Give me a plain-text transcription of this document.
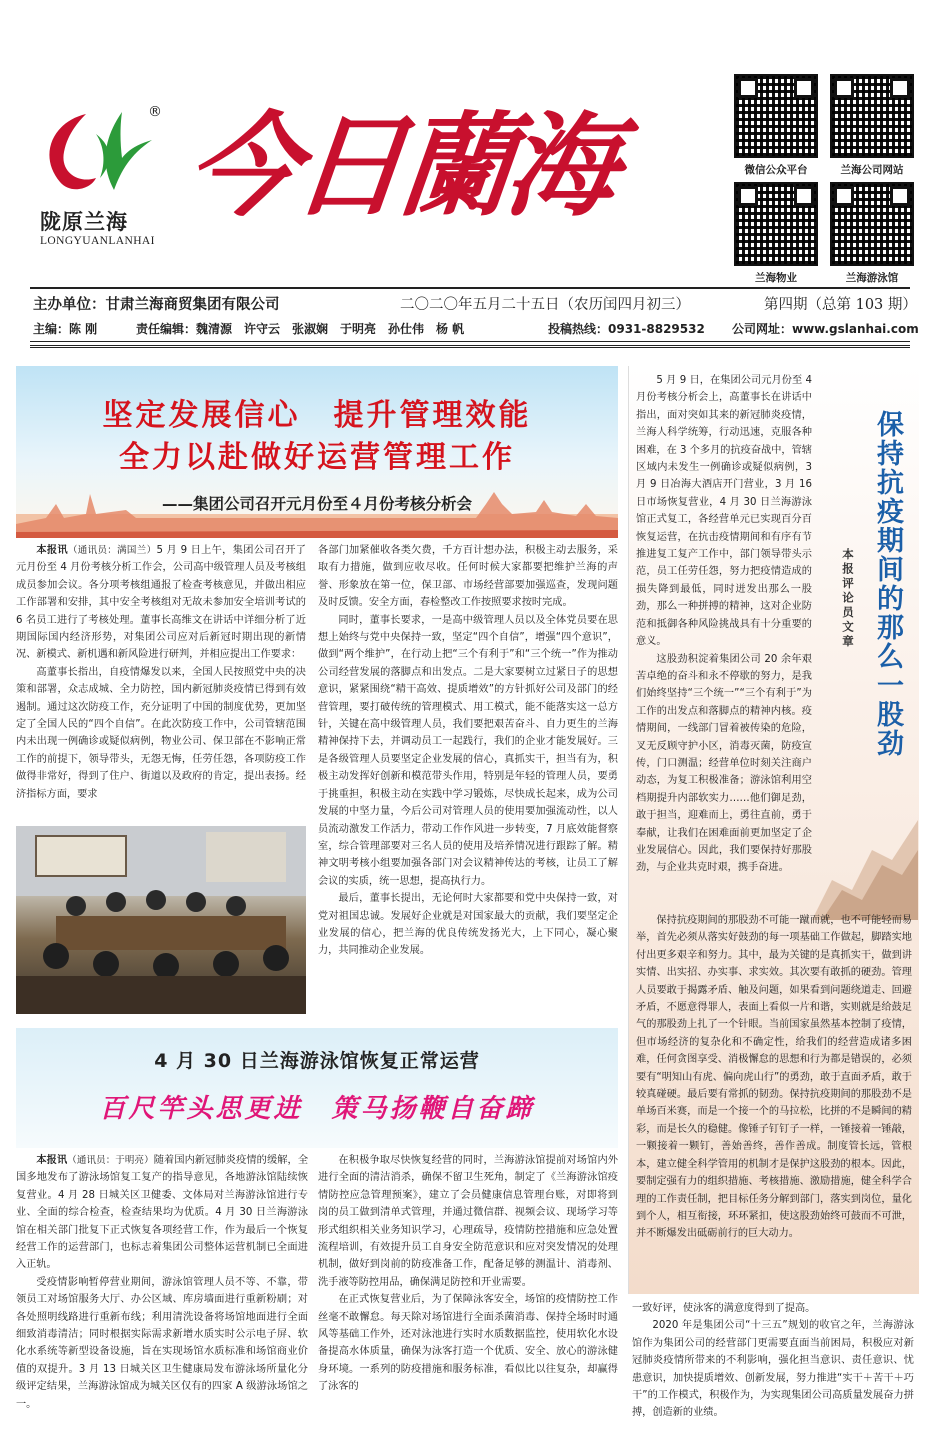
®
陇原兰海
LONGYUANLANHAI
今日蘭海	微信公众平台	兰海公司网站
兰海物业	兰海游泳馆
主办单位：甘肃兰海商贸集团有限公司	二〇二〇年五月二十五日（农历闰四月初三）	第四期（总第 103 期）
主编：陈 刚	责任编辑：魏清源　许守云　张淑娴　于明亮　孙仕伟　杨 帆	投稿热线：0931-8829532 公司网址：www.gslanhai.com
坚定发展信心　提升管理效能
全力以赴做好运营管理工作
——集团公司召开元月份至４月份考核分析会

本报讯（通讯员：满国兰）5 月 9 日上午，集团公司召开了元月份至 4 月份考核分析工作会，公司高中级管理人员及考核组成员参加会议。各分项考核组通报了检查考核意见，并做出相应工作部署和安排，其中安全考核组对无故未参加安全培训考试的 6 名员工进行了考核处理。董事长高维文在讲话中详细分析了近期国际国内经济形势，对集团公司应对后新冠时期出现的新情况、新模式、新机遇和新风险进行研判，并相应提出工作要求：

高董事长指出，自疫情爆发以来，全国人民按照党中央的决策和部署，众志成城、全力防控，国内新冠肺炎疫情已得到有效遏制。通过这次防疫工作，充分证明了中国的制度优势，更加坚定了全国人民的“四个自信”。在此次防疫工作中，公司管辖范围内未出现一例确诊或疑似病例，物业公司、保卫部在不影响正常工作的前提下，领导带头，无怨无悔，任劳任怨，各项防疫工作做得非常好，得到了住户、街道以及政府的肯定，提出表扬。经济指标方面，要求

各部门加紧催收各类欠费，千方百计想办法，积极主动去服务，采取有力措施，做到应收尽收。任何时候大家都要把维护兰海的声誉、形象放在第一位，保卫部、市场经营部要加强巡查，发现问题及时反馈。安全方面，春检整改工作按照要求按时完成。

同时，董事长要求，一是高中级管理人员以及全体党员要在思想上始终与党中央保持一致，坚定“四个自信”，增强“四个意识”，做到“两个维护”，在行动上把“三个有利于”和“三个统一”作为推动公司经营发展的落脚点和出发点。二是大家要树立过紧日子的思想意识，紧紧围绕“精干高效、提质增效”的方针抓好公司及部门的经营管理，要打破传统的管理模式、用工模式，能不能落实这一总方针，关键在高中级管理人员，我们要把艰苦奋斗、自力更生的兰海精神保持下去，并调动员工一起践行，我们的企业才能发展好。三是各级管理人员要坚定企业发展的信心，真抓实干，担当有为，积极主动发挥好创新和模范带头作用，特别是年轻的管理人员，要勇于挑重担，积极主动在实践中学习锻炼，尽快成长起来，成为公司发展的中坚力量，今后公司对管理人员的使用要加强流动性，以人员流动激发工作活力，带动工作作风进一步转变，7 月底效能督察室，综合管理部要对三名人员的使用及培养情况进行跟踪了解。精神文明考核小组要加强各部门对会议精神传达的考核，让员工了解会议的实质，统一思想，提高执行力。

最后，董事长提出，无论何时大家都要和党中央保持一致，对党对祖国忠诚。发展好企业就是对国家最大的贡献，我们要坚定企业发展的信心，把兰海的优良传统发扬光大，上下同心，凝心聚力，共同推动企业发展。

4 月 30 日兰海游泳馆恢复正常运营
百尺竿头思更进　策马扬鞭自奋蹄

本报讯（通讯员：于明亮）随着国内新冠肺炎疫情的缓解，全国多地发布了游泳场馆复工复产的指导意见，各地游泳馆陆续恢复营业。4 月 28 日城关区卫健委、文体局对兰海游泳馆进行专业、全面的综合检查，检查结果均为优质。4 月 30 日兰海游泳馆在相关部门批复下正式恢复各项经营工作，作为最后一个恢复经营工作的运营部门，也标志着集团公司整体运营机制已全面进入正轨。

受疫情影响暂停营业期间，游泳馆管理人员不等、不靠，带领员工对场馆服务大厅、办公区域、库房墙面进行重新粉刷；对各处照明线路进行重新布线；利用清洗设备将场馆地面进行全面细致消毒清洁；同时根据实际需求新增水质实时公示电子屏、软化水系统等新型设备设施，旨在实现场馆水质标准和场馆商业价值的双提升。3 月 13 日城关区卫生健康局发布游泳场所量化分级评定结果，兰海游泳馆成为城关区仅有的四家 A 级游泳场馆之一。

在积极争取尽快恢复经营的同时，兰海游泳馆提前对场馆内外进行全面的清洁消杀，确保不留卫生死角，制定了《兰海游泳馆疫情防控应急管理预案》，建立了会员健康信息管理台账，对即将到岗的员工做到清单式管理，并通过微信群、视频会议、现场学习等形式组织相关业务知识学习，心理疏导，疫情防控措施和应急处置流程培训，有效提升员工自身安全防范意识和应对突发情况的处理机制，做好到岗前的防疫准备工作，配备足够的测温计、消毒剂、洗手液等防控用品，确保满足防控和开业需要。

在正式恢复营业后，为了保障泳客安全，场馆的疫情防控工作丝毫不敢懈怠。每天除对场馆进行全面杀菌消毒、保持全场时时通风等基础工作外，还对泳池进行实时水质数据监控，使用软化水设备提高水体质量，确保为泳客打造一个优质、安全、放心的游泳健身环境。一系列的防疫措施和服务标准，看似比以往复杂，却赢得了泳客的

保持抗疫期间的那么一股劲
本报评论员文章

5 月 9 日，在集团公司元月份至 4 月份考核分析会上，高董事长在讲话中指出，面对突如其来的新冠肺炎疫情，兰海人科学统筹，行动迅速，克服各种困难，在 3 个多月的抗疫奋战中，管辖区域内未发生一例确诊或疑似病例，3 月 9 日冶海大酒店开门营业，3 月 16 日市场恢复营业，4 月 30 日兰海游泳馆正式复工，各经营单元已实现百分百恢复运营，在抗击疫情期间和有序有节推进复工复产工作中，部门领导带头示范，员工任劳任怨，努力把疫情造成的损失降到最低，同时迸发出那么一股劲，那么一种拼搏的精神，这对企业防范和抵御各种风险挑战具有十分重要的意义。

这股劲积淀着集团公司 20 余年艰苦卓绝的奋斗和永不停歇的努力，是我们始终坚持“三个统一”“三个有利于”为工作的出发点和落脚点的精神内核。疫情期间，一线部门冒着被传染的危险，叉无反顾守护小区，消毒灭菌，防疫宣传，门口测温；经营单位时刻关注商户动态，为复工积极准备；游泳馆利用空档期提升内部软实力……他们御足劲，敢于担当，迎难而上，勇往直前，勇于奉献，让我们在困难面前更加坚定了企业发展信心。因此，我们要保持好那股劲，与企业共克时艰，携手奋进。

保持抗疫期间的那股劲不可能一蹴而就，也不可能轻而易举，首先必须从落实好鼓劲的每一项基础工作做起，脚踏实地付出更多艰辛和努力。其中，最为关键的是真抓实干，做到讲实情、出实招、办实事、求实效。其次要有敢抓的硬劲。管理人员要敢于揭露矛盾、触及问题，如果看到问题绕道走、回避矛盾，不愿意得罪人，表面上看似一片和谐，实则就是给鼓足气的那股劲上扎了一个针眼。当前国家虽然基本控制了疫情，但市场经济的复杂化和不确定性，给我们的经营造成诸多困难，任何贪图享受、消极懈怠的思想和行为都是错误的，必须要有“明知山有虎、偏向虎山行”的勇劲，敢于直面矛盾，敢于较真碰硬。最后要有常抓的韧劲。保持抗疫期间的那股劲不是单场百米赛，而是一个接一个的马拉松，比拼的不是瞬间的精彩，而是长久的稳健。像锤子钉钉子一样，一锤接着一锤敲，一颗接着一颗钉，善始善终，善作善成。制度管长远，管根本，建立健全科学管用的机制才是保护这股劲的根本。因此，要制定强有力的组织措施、考核措施、激励措施，健全科学合理的工作责任制，把目标任务分解到部门，落实到岗位，量化到个人，相互衔接，环环紧扣，使这股劲始终可鼓而不可泄，并不断爆发出砥砺前行的巨大动力。

一致好评，使泳客的满意度得到了提高。

2020 年是集团公司“十三五”规划的收官之年，兰海游泳馆作为集团公司的经营部门更需要直面当前困局，积极应对新冠肺炎疫情所带来的不利影响，强化担当意识、责任意识、忧患意识，加快提质增效、创新发展，努力推进“实干＋苦干＋巧干”的工作模式，积极作为，为实现集团公司高质量发展奋力拼搏，创造新的业绩。
